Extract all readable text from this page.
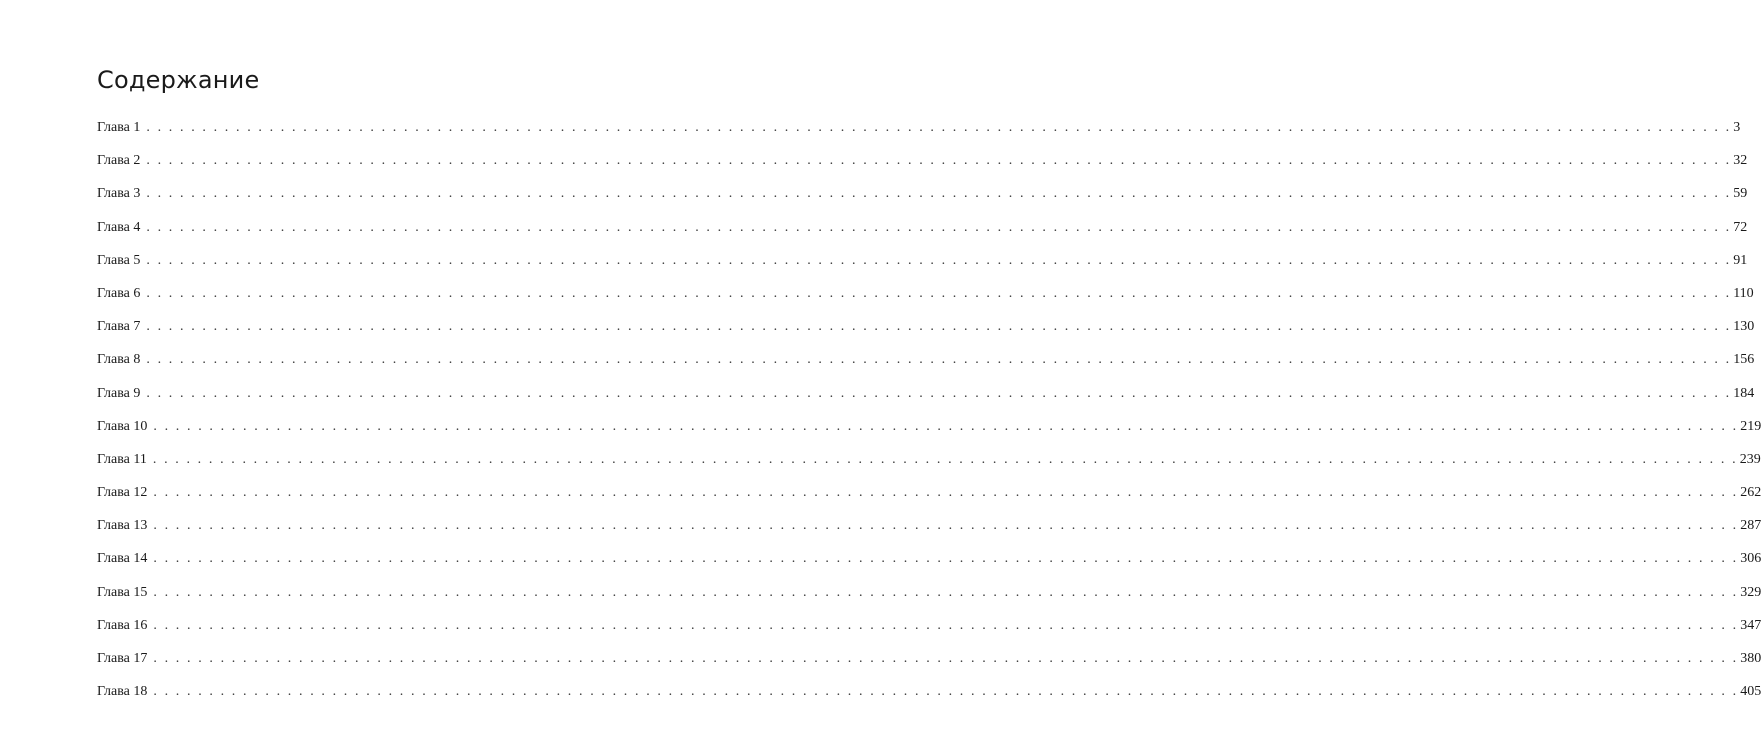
Содержание
Глава 1 . . . . . . . . . . . . . . . . . . . . . . . . . . . . . . . . . . . . . . . . . . . . . . . . . . . . . . . . . . . . . . . . . . . . . . . . . . . . . . . . . . . . . . . . . . . . . . . . . . . . . . . . . . . . . . . . . . . . . . . . . . . . . . . . . . . . . . . . . . . . . . 3
Глава 2 . . . . . . . . . . . . . . . . . . . . . . . . . . . . . . . . . . . . . . . . . . . . . . . . . . . . . . . . . . . . . . . . . . . . . . . . . . . . . . . . . . . . . . . . . . . . . . . . . . . . . . . . . . . . . . . . . . . . . . . . . . . . . . . . . . . . . . . . . . . . . . 32
Глава 3 . . . . . . . . . . . . . . . . . . . . . . . . . . . . . . . . . . . . . . . . . . . . . . . . . . . . . . . . . . . . . . . . . . . . . . . . . . . . . . . . . . . . . . . . . . . . . . . . . . . . . . . . . . . . . . . . . . . . . . . . . . . . . . . . . . . . . . . . . . . . . . 59
Глава 4 . . . . . . . . . . . . . . . . . . . . . . . . . . . . . . . . . . . . . . . . . . . . . . . . . . . . . . . . . . . . . . . . . . . . . . . . . . . . . . . . . . . . . . . . . . . . . . . . . . . . . . . . . . . . . . . . . . . . . . . . . . . . . . . . . . . . . . . . . . . . . . 72
Глава 5 . . . . . . . . . . . . . . . . . . . . . . . . . . . . . . . . . . . . . . . . . . . . . . . . . . . . . . . . . . . . . . . . . . . . . . . . . . . . . . . . . . . . . . . . . . . . . . . . . . . . . . . . . . . . . . . . . . . . . . . . . . . . . . . . . . . . . . . . . . . . . . 91
Глава 6 . . . . . . . . . . . . . . . . . . . . . . . . . . . . . . . . . . . . . . . . . . . . . . . . . . . . . . . . . . . . . . . . . . . . . . . . . . . . . . . . . . . . . . . . . . . . . . . . . . . . . . . . . . . . . . . . . . . . . . . . . . . . . . . . . . . . . . . . . . . . . . 110
Глава 7 . . . . . . . . . . . . . . . . . . . . . . . . . . . . . . . . . . . . . . . . . . . . . . . . . . . . . . . . . . . . . . . . . . . . . . . . . . . . . . . . . . . . . . . . . . . . . . . . . . . . . . . . . . . . . . . . . . . . . . . . . . . . . . . . . . . . . . . . . . . . . . 130
Глава 8 . . . . . . . . . . . . . . . . . . . . . . . . . . . . . . . . . . . . . . . . . . . . . . . . . . . . . . . . . . . . . . . . . . . . . . . . . . . . . . . . . . . . . . . . . . . . . . . . . . . . . . . . . . . . . . . . . . . . . . . . . . . . . . . . . . . . . . . . . . . . . . 156
Глава 9 . . . . . . . . . . . . . . . . . . . . . . . . . . . . . . . . . . . . . . . . . . . . . . . . . . . . . . . . . . . . . . . . . . . . . . . . . . . . . . . . . . . . . . . . . . . . . . . . . . . . . . . . . . . . . . . . . . . . . . . . . . . . . . . . . . . . . . . . . . . . . . 184
Глава 10 . . . . . . . . . . . . . . . . . . . . . . . . . . . . . . . . . . . . . . . . . . . . . . . . . . . . . . . . . . . . . . . . . . . . . . . . . . . . . . . . . . . . . . . . . . . . . . . . . . . . . . . . . . . . . . . . . . . . . . . . . . . . . . . . . . . . . . . . . . . . . . 219
Глава 11 . . . . . . . . . . . . . . . . . . . . . . . . . . . . . . . . . . . . . . . . . . . . . . . . . . . . . . . . . . . . . . . . . . . . . . . . . . . . . . . . . . . . . . . . . . . . . . . . . . . . . . . . . . . . . . . . . . . . . . . . . . . . . . . . . . . . . . . . . . . . . . 239
Глава 12 . . . . . . . . . . . . . . . . . . . . . . . . . . . . . . . . . . . . . . . . . . . . . . . . . . . . . . . . . . . . . . . . . . . . . . . . . . . . . . . . . . . . . . . . . . . . . . . . . . . . . . . . . . . . . . . . . . . . . . . . . . . . . . . . . . . . . . . . . . . . . . 262
Глава 13 . . . . . . . . . . . . . . . . . . . . . . . . . . . . . . . . . . . . . . . . . . . . . . . . . . . . . . . . . . . . . . . . . . . . . . . . . . . . . . . . . . . . . . . . . . . . . . . . . . . . . . . . . . . . . . . . . . . . . . . . . . . . . . . . . . . . . . . . . . . . . . 287
Глава 14 . . . . . . . . . . . . . . . . . . . . . . . . . . . . . . . . . . . . . . . . . . . . . . . . . . . . . . . . . . . . . . . . . . . . . . . . . . . . . . . . . . . . . . . . . . . . . . . . . . . . . . . . . . . . . . . . . . . . . . . . . . . . . . . . . . . . . . . . . . . . . . 306
Глава 15 . . . . . . . . . . . . . . . . . . . . . . . . . . . . . . . . . . . . . . . . . . . . . . . . . . . . . . . . . . . . . . . . . . . . . . . . . . . . . . . . . . . . . . . . . . . . . . . . . . . . . . . . . . . . . . . . . . . . . . . . . . . . . . . . . . . . . . . . . . . . . . 329
Глава 16 . . . . . . . . . . . . . . . . . . . . . . . . . . . . . . . . . . . . . . . . . . . . . . . . . . . . . . . . . . . . . . . . . . . . . . . . . . . . . . . . . . . . . . . . . . . . . . . . . . . . . . . . . . . . . . . . . . . . . . . . . . . . . . . . . . . . . . . . . . . . . . 347
Глава 17 . . . . . . . . . . . . . . . . . . . . . . . . . . . . . . . . . . . . . . . . . . . . . . . . . . . . . . . . . . . . . . . . . . . . . . . . . . . . . . . . . . . . . . . . . . . . . . . . . . . . . . . . . . . . . . . . . . . . . . . . . . . . . . . . . . . . . . . . . . . . . . 380
Глава 18 . . . . . . . . . . . . . . . . . . . . . . . . . . . . . . . . . . . . . . . . . . . . . . . . . . . . . . . . . . . . . . . . . . . . . . . . . . . . . . . . . . . . . . . . . . . . . . . . . . . . . . . . . . . . . . . . . . . . . . . . . . . . . . . . . . . . . . . . . . . . . . 405
